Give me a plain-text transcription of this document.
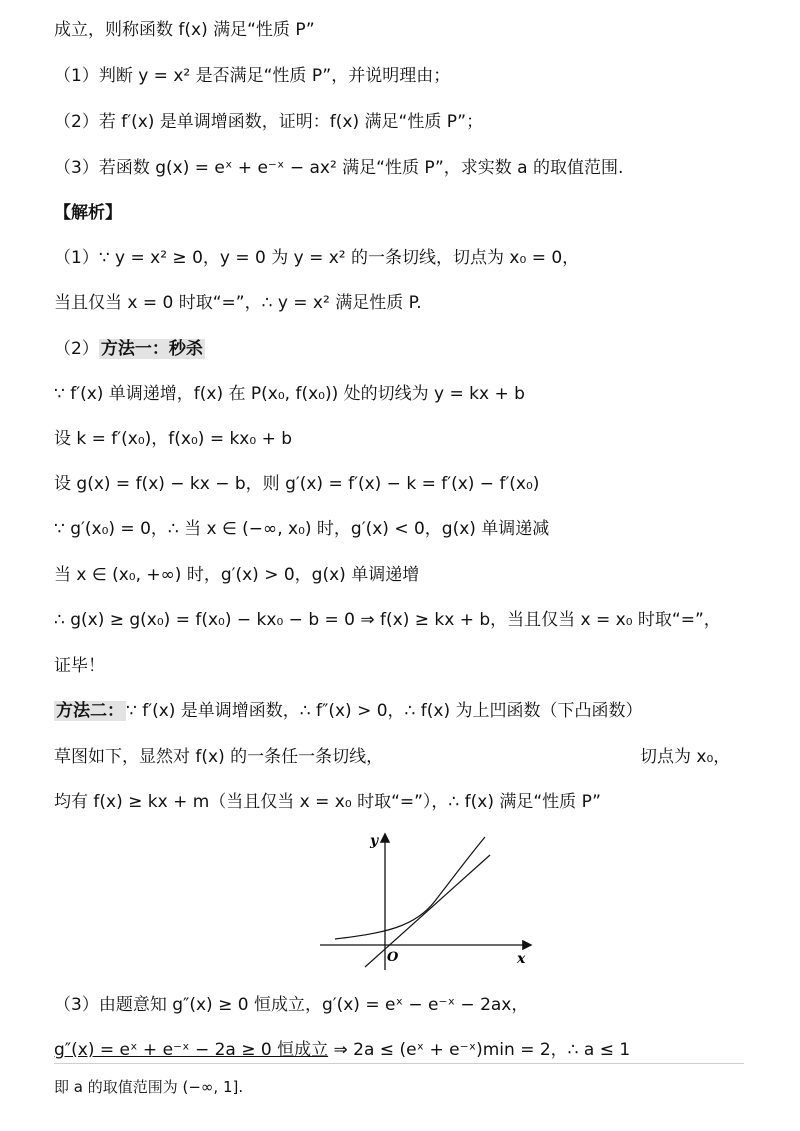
成立，则称函数 f(x) 满足“性质 P”
（1）判断 y = x² 是否满足“性质 P”，并说明理由；
（2）若 f′(x) 是单调增函数，证明：f(x) 满足“性质 P”；
（3）若函数 g(x) = eˣ + e⁻ˣ − ax² 满足“性质 P”，求实数 a 的取值范围.
【解析】
（1）∵ y = x² ≥ 0，y = 0 为 y = x² 的一条切线，切点为 x₀ = 0，
当且仅当 x = 0 时取“=”，∴ y = x² 满足性质 P.
（2） 方法一：秒杀
∵ f′(x) 单调递增，f(x) 在 P(x₀, f(x₀)) 处的切线为 y = kx + b
设 k = f′(x₀)，f(x₀) = kx₀ + b
设 g(x) = f(x) − kx − b，则 g′(x) = f′(x) − k = f′(x) − f′(x₀)
∵ g′(x₀) = 0，∴ 当 x ∈ (−∞, x₀) 时，g′(x) < 0，g(x) 单调递减
当 x ∈ (x₀, +∞) 时，g′(x) > 0，g(x) 单调递增
∴ g(x) ≥ g(x₀) = f(x₀) − kx₀ − b = 0 ⇒ f(x) ≥ kx + b，当且仅当 x = x₀ 时取“=”，
证毕！
方法二： ∵ f′(x) 是单调增函数，∴ f″(x) > 0，∴ f(x) 为上凹函数（下凸函数）
草图如下，显然对 f(x) 的一条任一条切线，	切点为 x₀，
均有 f(x) ≥ kx + m（当且仅当 x = x₀ 时取“=”），∴ f(x) 满足“性质 P”
y
x
O
（3）由题意知 g″(x) ≥ 0 恒成立，g′(x) = eˣ − e⁻ˣ − 2ax，
g″(x) = eˣ + e⁻ˣ − 2a ≥ 0 恒成立 ⇒ 2a ≤ (eˣ + e⁻ˣ)min = 2，∴ a ≤ 1
即 a 的取值范围为 (−∞, 1].
